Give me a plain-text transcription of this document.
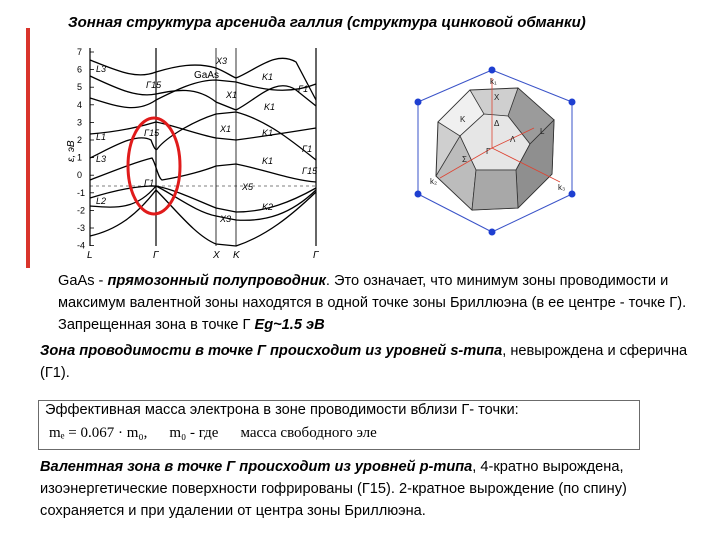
Зонная структура арсенида галлия (структура цинковой обманки)
7
6
5
4
3
2
1
0
-1
-2
-3
-4
ε, эВ
GaAs
L3
Γ15	Γ1
L1
X3
X1
L3
Γ15
Γ1
K1
K1
X1	K1
K1
Γ1
Γ15
X3
K2
X5
L2
L	Γ	X K	Γ
k₁
k₂
k₃
X
L
K
Γ
Δ
Λ
Σ
GaAs - прямозонный полупроводник. Это означает, что минимум зоны проводимости и максимум валентной зоны находятся в одной точке зоны Бриллюэна (в ее центре - точке Г). Запрещенная зона в точке Г Eg~1.5 эВ
Зона проводимости в точке Г происходит из уровней s-типа, невырождена и сферична (Г1).
Эффективная масса электрона в зоне проводимости вблизи Г- точки:
mₑ = 0.067 · m₀, m₀ - где масса свободного эле
Валентная зона в точке Г происходит из уровней p-типа, 4-кратно вырождена, изоэнергетические поверхности гофрированы (Г15). 2-кратное вырождение (по спину) сохраняется и при удалении от центра зоны Бриллюэна.
